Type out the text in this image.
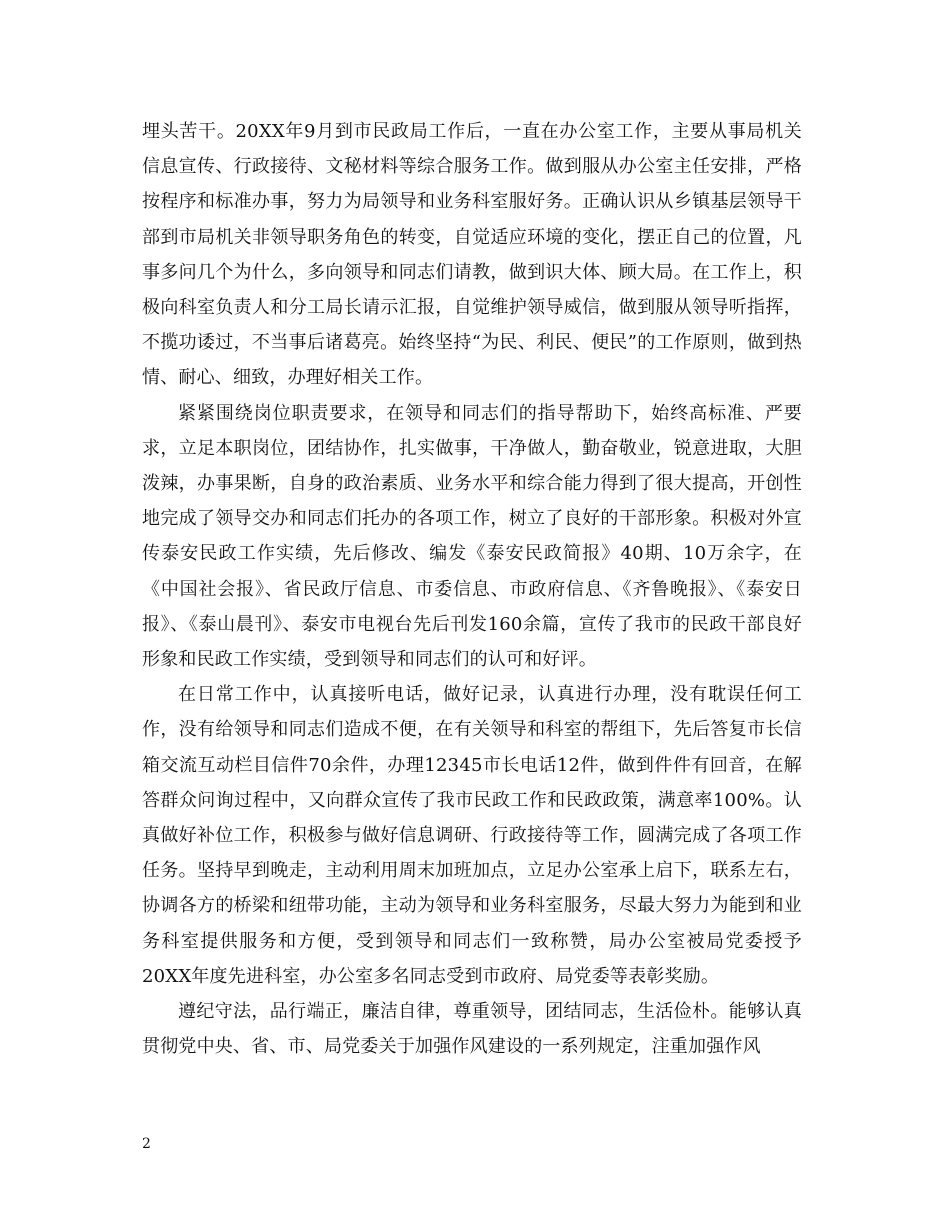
埋头苦干。20XX年9月到市民政局工作后，一直在办公室工作，主要从事局机关信息宣传、行政接待、文秘材料等综合服务工作。做到服从办公室主任安排，严格按程序和标准办事，努力为局领导和业务科室服好务。正确认识从乡镇基层领导干部到市局机关非领导职务角色的转变，自觉适应环境的变化，摆正自己的位置，凡事多问几个为什么，多向领导和同志们请教，做到识大体、顾大局。在工作上，积极向科室负责人和分工局长请示汇报，自觉维护领导威信，做到服从领导听指挥，不揽功诿过，不当事后诸葛亮。始终坚持“为民、利民、便民”的工作原则，做到热情、耐心、细致，办理好相关工作。

紧紧围绕岗位职责要求，在领导和同志们的指导帮助下，始终高标准、严要求，立足本职岗位，团结协作，扎实做事，干净做人，勤奋敬业，锐意进取，大胆泼辣，办事果断，自身的政治素质、业务水平和综合能力得到了很大提高，开创性地完成了领导交办和同志们托办的各项工作，树立了良好的干部形象。积极对外宣传泰安民政工作实绩，先后修改、编发《泰安民政简报》40期、10万余字，在《中国社会报》、省民政厅信息、市委信息、市政府信息、《齐鲁晚报》、《泰安日报》、《泰山晨刊》、泰安市电视台先后刊发160余篇，宣传了我市的民政干部良好形象和民政工作实绩，受到领导和同志们的认可和好评。

在日常工作中，认真接听电话，做好记录，认真进行办理，没有耽误任何工作，没有给领导和同志们造成不便，在有关领导和科室的帮组下，先后答复市长信箱交流互动栏目信件70余件，办理12345市长电话12件，做到件件有回音，在解答群众问询过程中，又向群众宣传了我市民政工作和民政政策，满意率100%。认真做好补位工作，积极参与做好信息调研、行政接待等工作，圆满完成了各项工作任务。坚持早到晚走，主动利用周末加班加点，立足办公室承上启下，联系左右，协调各方的桥梁和纽带功能，主动为领导和业务科室服务，尽最大努力为能到和业务科室提供服务和方便，受到领导和同志们一致称赞，局办公室被局党委授予20XX年度先进科室，办公室多名同志受到市政府、局党委等表彰奖励。

遵纪守法，品行端正，廉洁自律，尊重领导，团结同志，生活俭朴。能够认真贯彻党中央、省、市、局党委关于加强作风建设的一系列规定，注重加强作风

2
